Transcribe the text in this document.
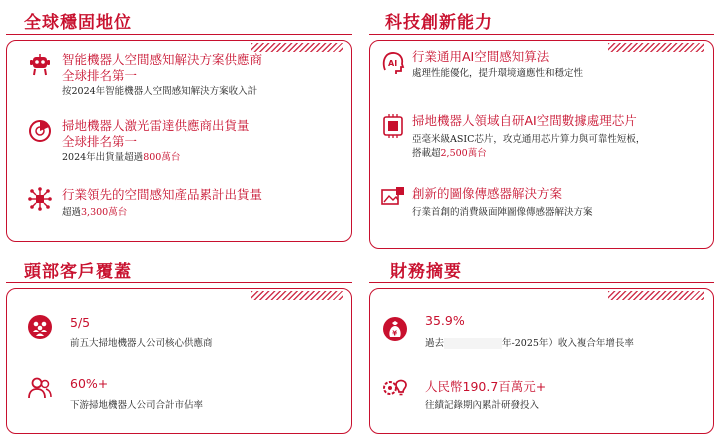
全球穩固地位
智能機器人空間感知解決方案供應商
全球排名第一
按2024年智能機器人空間感知解決方案收入計
掃地機器人激光雷達供應商出貨量
全球排名第一
2024年出貨量超過800萬台
行業領先的空間感知產品累計出貨量
超過3,300萬台
科技創新能力
AI 行業通用AI空間感知算法
處理性能優化，提升環境適應性和穩定性
掃地機器人領域自研AI空間數據處理芯片
亞毫米級ASIC芯片，攻克通用芯片算力與可靠性短板，
搭載超2,500萬台
創新的圖像傳感器解決方案
行業首創的消費級面陣圖像傳感器解決方案
頭部客戶覆蓋
5/5
前五大掃地機器人公司核心供應商
60%+
下游掃地機器人公司合計市佔率
財務摘要
¥
35.9%
過去	年-2025年）收入複合年增長率
人民幣190.7百萬元+
往績記錄期內累計研發投入
